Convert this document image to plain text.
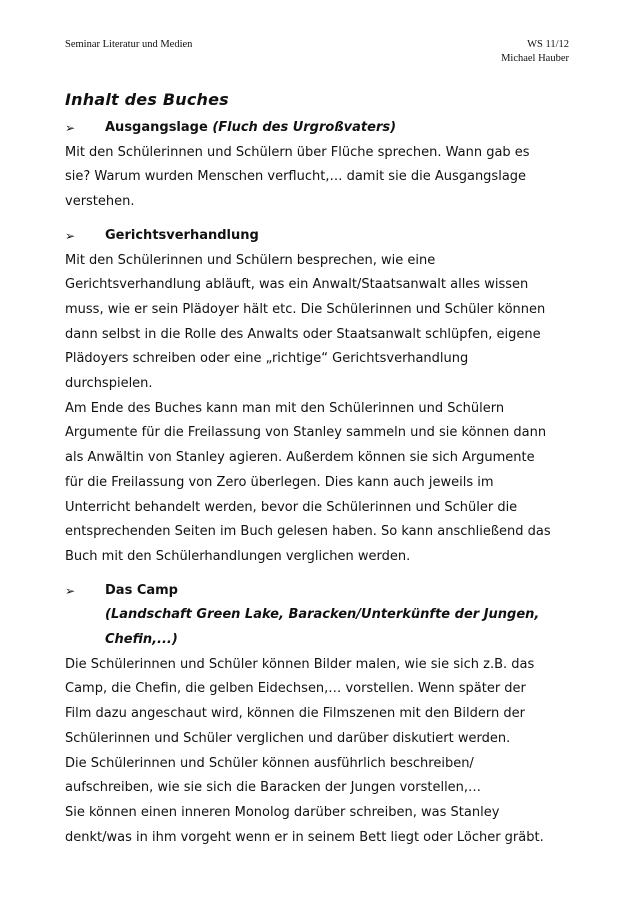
Seminar Literatur und Medien	WS 11/12
Michael Hauber
Inhalt des Buches
➢	Ausgangslage (Fluch des Urgroßvaters)

Mit den Schülerinnen und Schülern über Flüche sprechen. Wann gab es

sie? Warum wurden Menschen verflucht,… damit sie die Ausgangslage

verstehen.

➢	Gerichtsverhandlung

Mit den Schülerinnen und Schülern besprechen, wie eine

Gerichtsverhandlung abläuft, was ein Anwalt/Staatsanwalt alles wissen

muss, wie er sein Plädoyer hält etc. Die Schülerinnen und Schüler können

dann selbst in die Rolle des Anwalts oder Staatsanwalt schlüpfen, eigene

Plädoyers schreiben oder eine „richtige“ Gerichtsverhandlung

durchspielen.

Am Ende des Buches kann man mit den Schülerinnen und Schülern

Argumente für die Freilassung von Stanley sammeln und sie können dann

als Anwältin von Stanley agieren. Außerdem können sie sich Argumente

für die Freilassung von Zero überlegen. Dies kann auch jeweils im

Unterricht behandelt werden, bevor die Schülerinnen und Schüler die

entsprechenden Seiten im Buch gelesen haben. So kann anschließend das

Buch mit den Schülerhandlungen verglichen werden.

➢	Das Camp
(Landschaft Green Lake, Baracken/Unterkünfte der Jungen,
Chefin,...)

Die Schülerinnen und Schüler können Bilder malen, wie sie sich z.B. das

Camp, die Chefin, die gelben Eidechsen,… vorstellen. Wenn später der

Film dazu angeschaut wird, können die Filmszenen mit den Bildern der

Schülerinnen und Schüler verglichen und darüber diskutiert werden.

Die Schülerinnen und Schüler können ausführlich beschreiben/

aufschreiben, wie sie sich die Baracken der Jungen vorstellen,…

Sie können einen inneren Monolog darüber schreiben, was Stanley

denkt/was in ihm vorgeht wenn er in seinem Bett liegt oder Löcher gräbt.
